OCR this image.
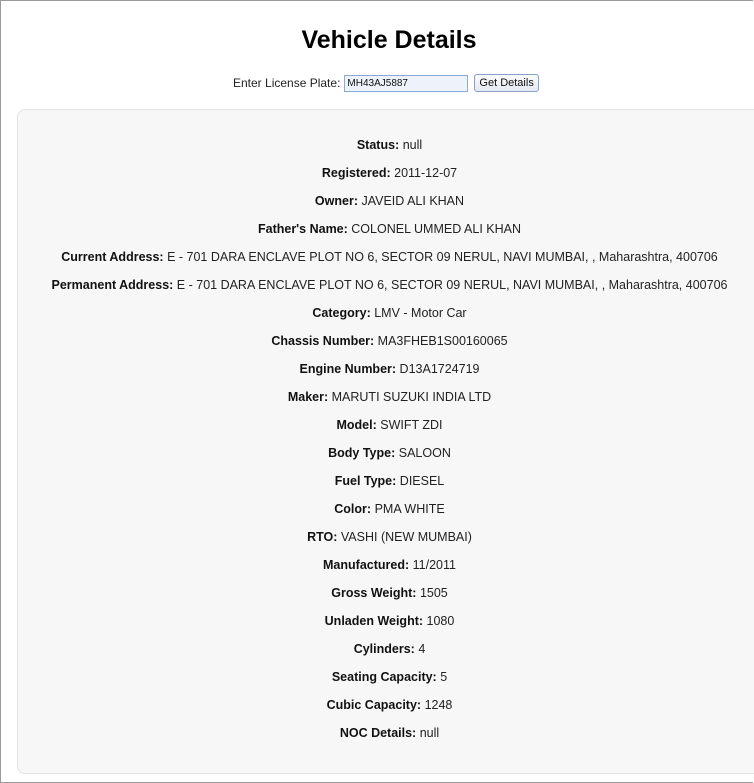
Vehicle Details
Enter License Plate:
MH43AJ5887	Get Details
Status: null
Registered: 2011-12-07
Owner: JAVEID ALI KHAN
Father's Name: COLONEL UMMED ALI KHAN
Current Address: E - 701 DARA ENCLAVE PLOT NO 6, SECTOR 09 NERUL, NAVI MUMBAI, , Maharashtra, 400706
Permanent Address: E - 701 DARA ENCLAVE PLOT NO 6, SECTOR 09 NERUL, NAVI MUMBAI, , Maharashtra, 400706
Category: LMV - Motor Car
Chassis Number: MA3FHEB1S00160065
Engine Number: D13A1724719
Maker: MARUTI SUZUKI INDIA LTD
Model: SWIFT ZDI
Body Type: SALOON
Fuel Type: DIESEL
Color: PMA WHITE
RTO: VASHI (NEW MUMBAI)
Manufactured: 11/2011
Gross Weight: 1505
Unladen Weight: 1080
Cylinders: 4
Seating Capacity: 5
Cubic Capacity: 1248
NOC Details: null
